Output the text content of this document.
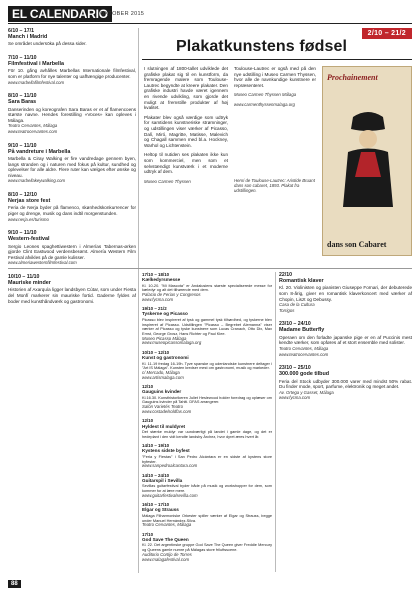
EL CALENDARIO
OKTOBER 2015
6/10 – 17/1
Manch i Madrid
Se området undersöka på dessa sider.
7/10 – 11/10
Filmfestival i Marbella
För 10. gång avhålles Marbellas Internationale filmfestival, som er platform for nye talenter og uafhængige producenter.
www.marbellafilmfestival.com
8/10 – 11/10
Sara Baras
Danserinden og koreografen Sara Baras er et af flamencoens største navne. Hendes forestilling «Voces» kan opleves i Málaga.
Teatro Cervantes, Málaga
www.teatrocervantes.com
9/10 – 11/10
På vandreture i Marbella
Marbella & Ciray Walking er fire vandredage gennem byen, langs stranden og i naturen med fokus på kultur, sundhed og oplevelser for alle aldre. Flere ruter kan vælges efter ønske og niveau.
www.marbellakeywalking.com
8/10 – 12/10
Nerjas store fest
Feria de Nerja byder på flamenco, skønhedskonkurrencer for piger og drenge, musik og dans indtil morgenstunden.
www.nerja.es/turismo
9/10 – 11/10
Western-festival
Sergio Leones spaghettiwestern i Almerías Tabernas-ørken gjorde Clint Eastwood verdensberømt. Almería Western Film Festival afvikles på de gamle kulisser.
www.almeriawesternfilmfestival.com
10/10 – 11/10
Mauriske minder
Historien af Axarquía ligger landsbyen Cútar, som under Fiesta del Monfí markerer sin mauriske fortid. Gaderne fyldes af boder med kunsthåndværk og gastronomi.
2/10 – 21/2
Plakatkunstens fødsel

I slutningen af 1800-tallet udviklede det grafiske plakat sig til en kunstform, da fremragende malere som Toulouse-Lautrec begyndte at kreere plakater. Den grafiske industri havde været igennem en rivende udvikling, som gjorde det muligt at fremstille produkter af høj kvalitet.

Plakater blev også værdige som udtryk for samtidens kunstneriske strømninger, og udstillingen viser værker af Picasso, Dalí, Miró, Magritte, Matisse, Malevich og Chagall sammen med bl.a. Hockney, Warhol og Lichtenstein.

Heltop til nutiden ses plakaten ikke kun som kommerciel, men som et selvstændigt kunstværk i et moderne udtryk af dem.

Museo Carmen Thyssen

Toulouse-Lautrec er også med på den nye udstilling i Museo Carmen Thyssen, hvor alle de navnkundige kunstnere er repræsenteret.

Museo Carmen Thyssen Málaga

www.carmenthyssenmalaga.org

Henri de Toulouse-Lautrec: Aristide Bruant dans son cabaret, 1893. Plakat fra udstillingen.
Prochainement
dans son Cabaret
17/10 – 18/10
Kælkedyrsmesse
Kl. 10-20. "Mi Mascota" er Andalusiens største specialiserede messe for kæledyr og alt det tilhørende med dem.
Palacio de Ferias y Congresos
www.fycma.com
19/10 – 21/2
Tyskerne og Picasso
Picasso blev inspireret af tysk og gammel tysk tilhørdhed, og tyskerne blev inspireret af Picasso. Udstillingen "Picasso – Begrebet Alemanna" viser værker af Picasso og tyske kunstnere som Lucas Cranach, Otto Dix, Max Ernst, George Grosz, Hans Richter og Paul Klee.
Museo Picasso Málaga
www.museopicassomalaga.org
10/10 – 12/10
Kunst og gastronomi
Kl. 11-19 fredag 16-19h. Tyve spanske og udenlandske kunstnere deltager i "Art IS Málaga". Kunsten kredser mest om gastronomi, musik og markeder.
c/ Mercado, Málaga
www.artismalaga.com
12/10
Gauguins kvinder
Kl.16.30. Kunsthistorikeren Juliet Heslewood holder foredrag og oplæser om Gauguins kvinder på Tahiti. DFAS arrangerer.
Salón Varietés Teatro
www.costadelsoldfas.com
12/10
Hyldest til muldyret
Det stærke muldyr var uundværligt på landet i gamle dage, og det er hedeplant i den vidt kendte landsby Árchez, hvor dyret æres hvert år.
14/10 – 19/10
Kystens sidste byfest
"Feria y Fiestas" i San Pedro Alcántara er en sidste af kystens store byfester.
www.sanpedroalcantara.com
14/10 – 24/10
Guitarspil i Sevilla
Sevillas guitarfestival byder både på musik og workshopper for dem, som kommer for at lære mere.
www.guitarfestivalsevilla.com
16/10 – 17/10
Elgar og Strauss
Málaga Filharmoniske Orkester spiller værker af Elgar og Strauss, begge under Manuel Hernández-Silva.
Teatro Cervantes, Málaga
17/10
God Save The Queen
Kl. 22. Det argentinske gruppe God Save The Queen giver Freddie Mercury og Queens gamle numre på Málagas store friluftsscene.
Auditorio Cortijo de Torres
www.malagafestival.com
22/10
Romantisk klaver
Kl. 20. Violinisten og pianisten Giuseppe Fornari, der debuterede som 8-årig, giver en romantisk klaverkoncert med værker af Chopin, Liszt og Debussy.
Casa de la Cultura
Torrigos
23/10 – 24/10
Madame Butterfly
Operaen om den forladte japanske pige er en af Puccinis mest kendte værker, som opføres af et stort ensemble med solister.
Teatro Cervantes, Málaga
www.teatrocervantes.com
23/10 – 25/10
300.000 gode tilbud
Feria del Stock udbyder 300.000 varer med mindst 50% rabat. Du finder mode, sport, parfume, elektronik og meget andet.
Av. Ortega y Gasset, Málaga
www.fycma.com
88
